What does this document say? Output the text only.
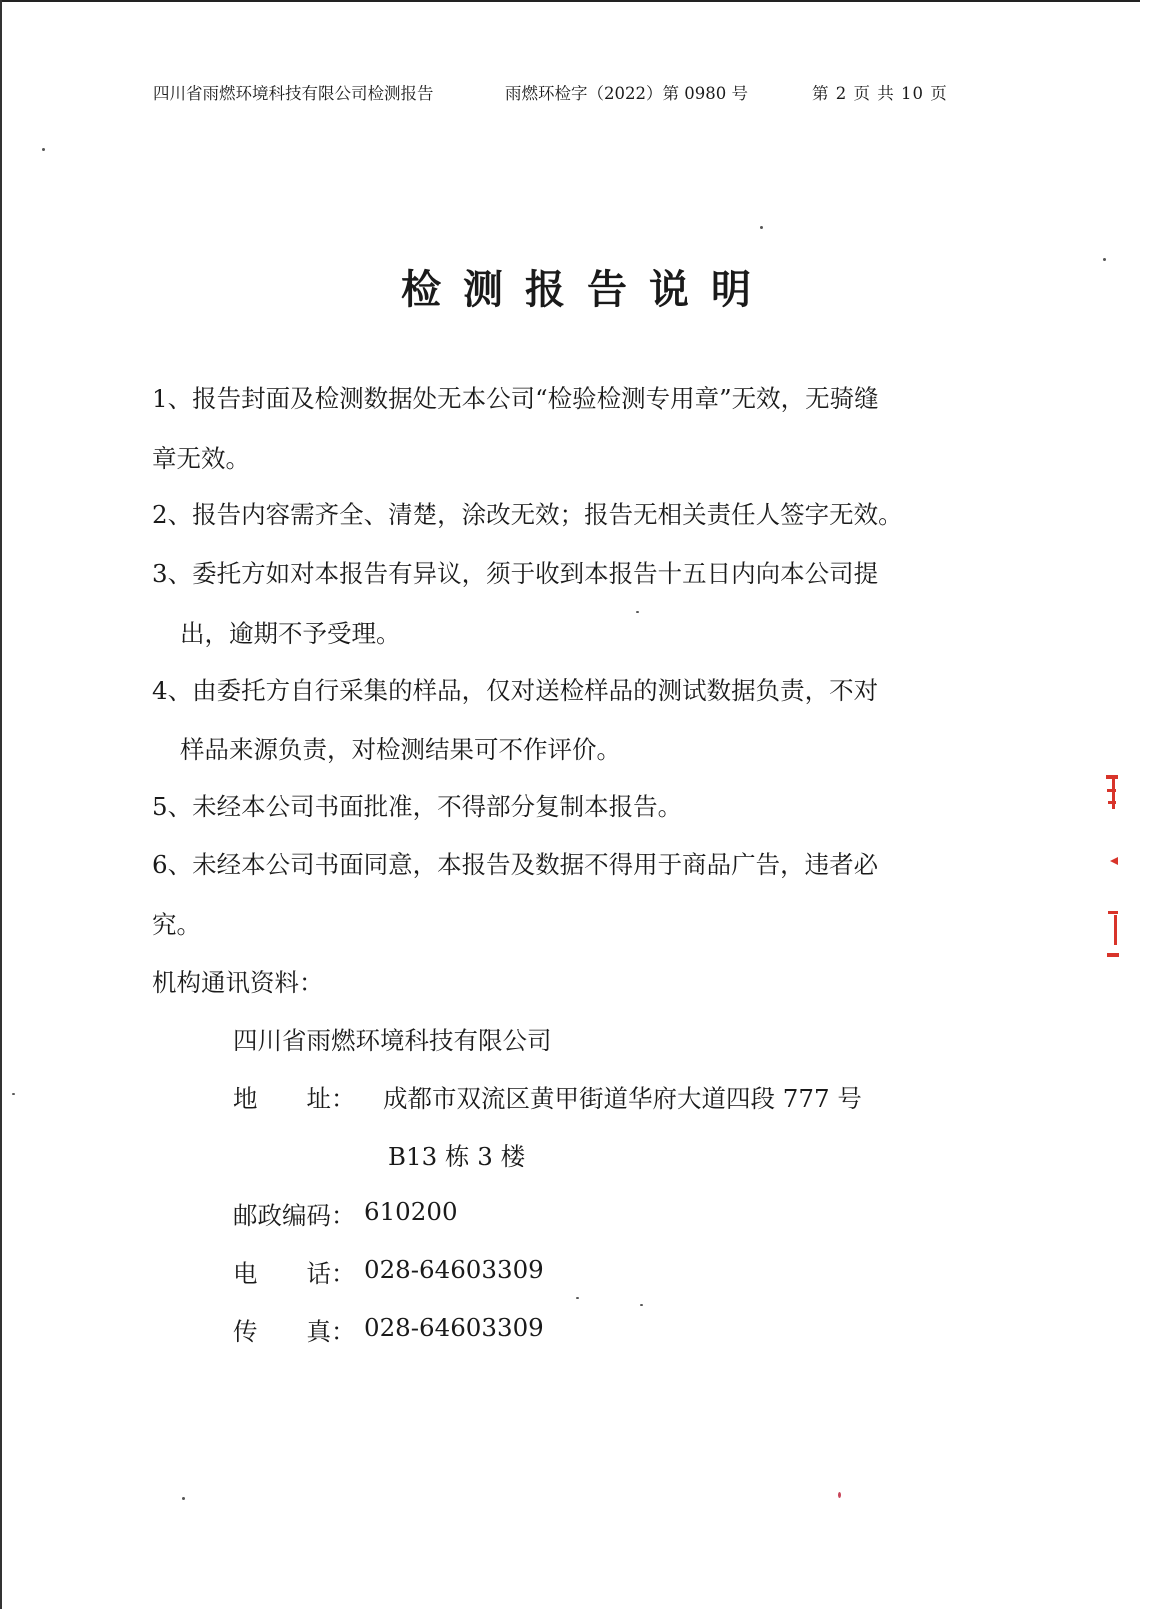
四川省雨燃环境科技有限公司检测报告	雨燃环检字（2022）第 0980 号	第 2 页 共 10 页
检测报告说明
1、报告封面及检测数据处无本公司“检验检测专用章”无效，无骑缝
章无效。
2、报告内容需齐全、清楚，涂改无效；报告无相关责任人签字无效。
3、委托方如对本报告有异议，须于收到本报告十五日内向本公司提
出，逾期不予受理。
4、由委托方自行采集的样品，仅对送检样品的测试数据负责，不对
样品来源负责，对检测结果可不作评价。
5、未经本公司书面批准，不得部分复制本报告。
6、未经本公司书面同意，本报告及数据不得用于商品广告，违者必
究。
机构通讯资料：
四川省雨燃环境科技有限公司
地　　址： 成都市双流区黄甲街道华府大道四段 777 号
B13 栋 3 楼
邮政编码： 610200
电　　话： 028-64603309
传　　真： 028-64603309
